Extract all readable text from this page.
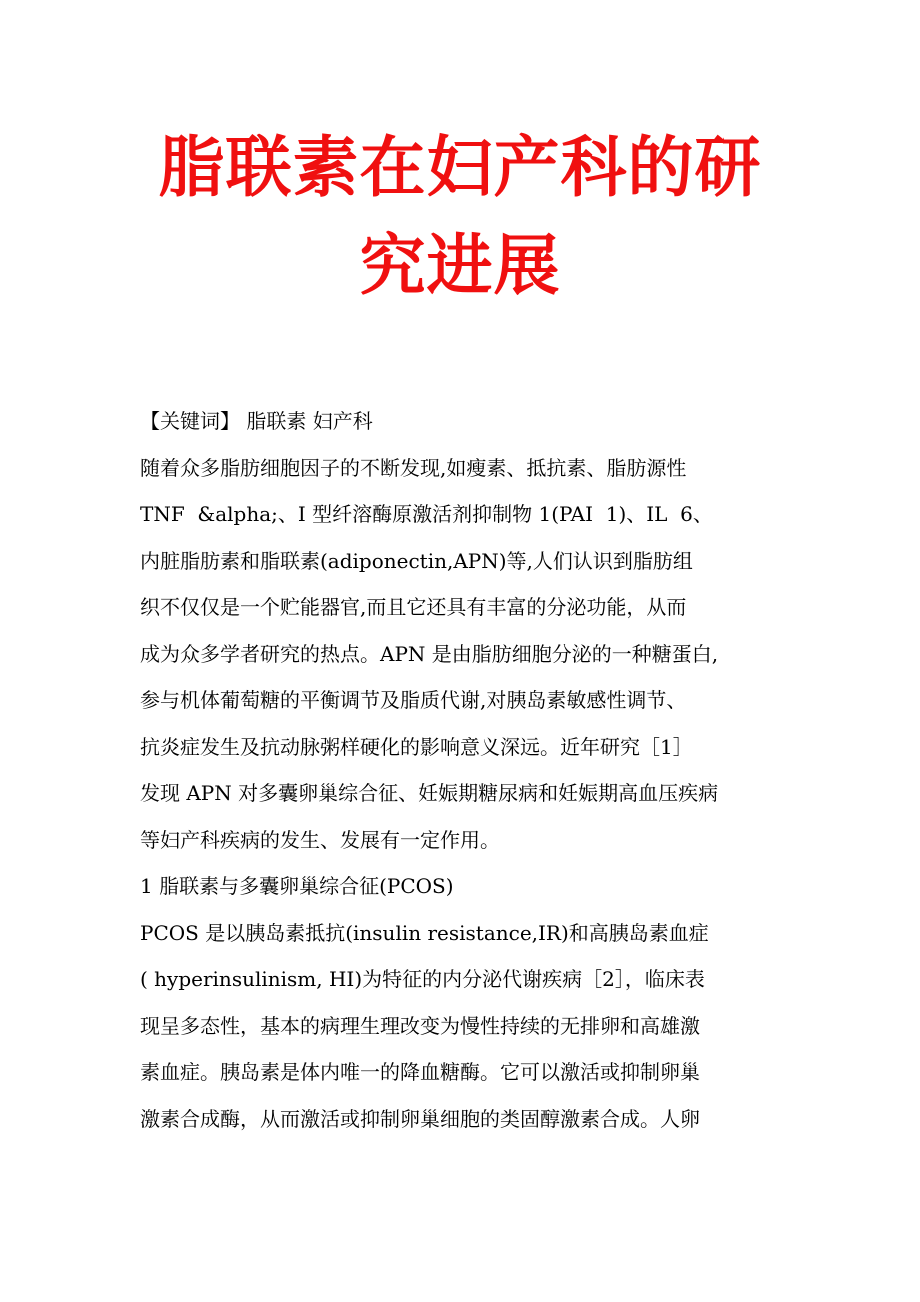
脂联素在妇产科的研
究进展
【关键词】 脂联素 妇产科
随着众多脂肪细胞因子的不断发现,如瘦素、抵抗素、脂肪源性
TNF  &alpha;、I 型纤溶酶原激活剂抑制物 1(PAI  1)、IL  6、
内脏脂肪素和脂联素(adiponectin,APN)等,人们认识到脂肪组
织不仅仅是一个贮能器官,而且它还具有丰富的分泌功能，从而
成为众多学者研究的热点。APN 是由脂肪细胞分泌的一种糖蛋白,
参与机体葡萄糖的平衡调节及脂质代谢,对胰岛素敏感性调节、
抗炎症发生及抗动脉粥样硬化的影响意义深远。近年研究［1］
发现 APN 对多囊卵巢综合征、妊娠期糖尿病和妊娠期高血压疾病
等妇产科疾病的发生、发展有一定作用。
1 脂联素与多囊卵巢综合征(PCOS)
PCOS 是以胰岛素抵抗(insulin resistance,IR)和高胰岛素血症
( hyperinsulinism, HI)为特征的内分泌代谢疾病［2］，临床表
现呈多态性，基本的病理生理改变为慢性持续的无排卵和高雄激
素血症。胰岛素是体内唯一的降血糖酶。它可以激活或抑制卵巢
激素合成酶，从而激活或抑制卵巢细胞的类固醇激素合成。人卵
